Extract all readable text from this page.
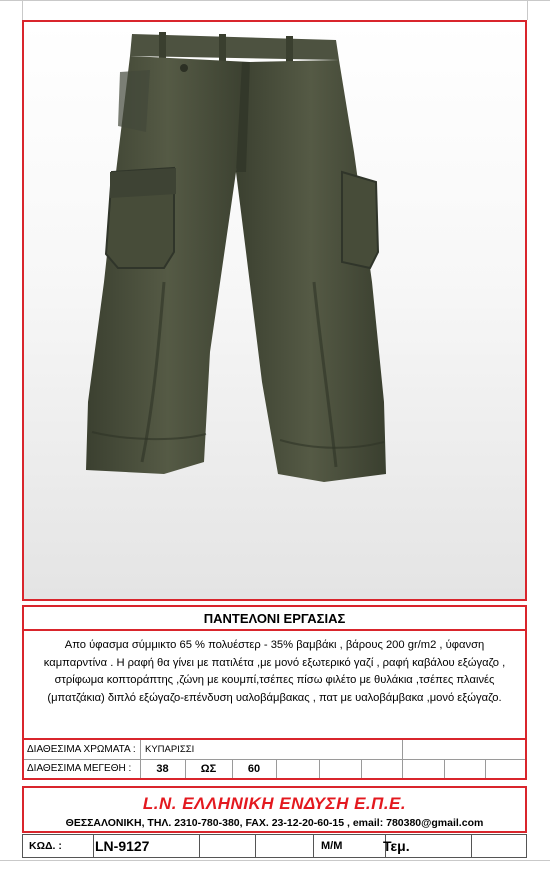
ΠΑΝΤΕΛΟΝΙ ΕΡΓΑΣΙΑΣ
Απο ύφασμα σύμμικτο 65 % πολυέστερ - 35% βαμβάκι , βάρους 200 gr/m2 , ύφανση καμπαρντίνα . Η ραφή θα γίνει με πατιλέτα ,με μονό εξωτερικό γαζί , ραφή καβάλου εξώγαζο , στρίφωμα κοπτοράπτης ,ζώνη με κουμπί,τσέπες πίσω φιλέτο με θυλάκια ,τσέπες πλαινές (μπατζάκια) διπλό εξώγαζο-επένδυση υαλοβάμβακας , πατ με υαλοβάμβακα ,μονό εξώγαζο.
ΔΙΑΘΕΣΙΜΑ ΧΡΩΜΑΤΑ : ΚΥΠΑΡΙΣΣΙ
ΔΙΑΘΕΣΙΜΑ ΜΕΓΕΘΗ :	38	ΩΣ	60
L.N. ΕΛΛΗΝΙΚΗ ΕΝΔΥΣΗ Ε.Π.Ε.
ΘΕΣΣΑΛΟΝΙΚΗ, ΤΗΛ. 2310-780-380, FAX. 23-12-20-60-15 , email: 780380@gmail.com
ΚΩΔ. :	LN-9127	Μ/Μ	Τεμ.
